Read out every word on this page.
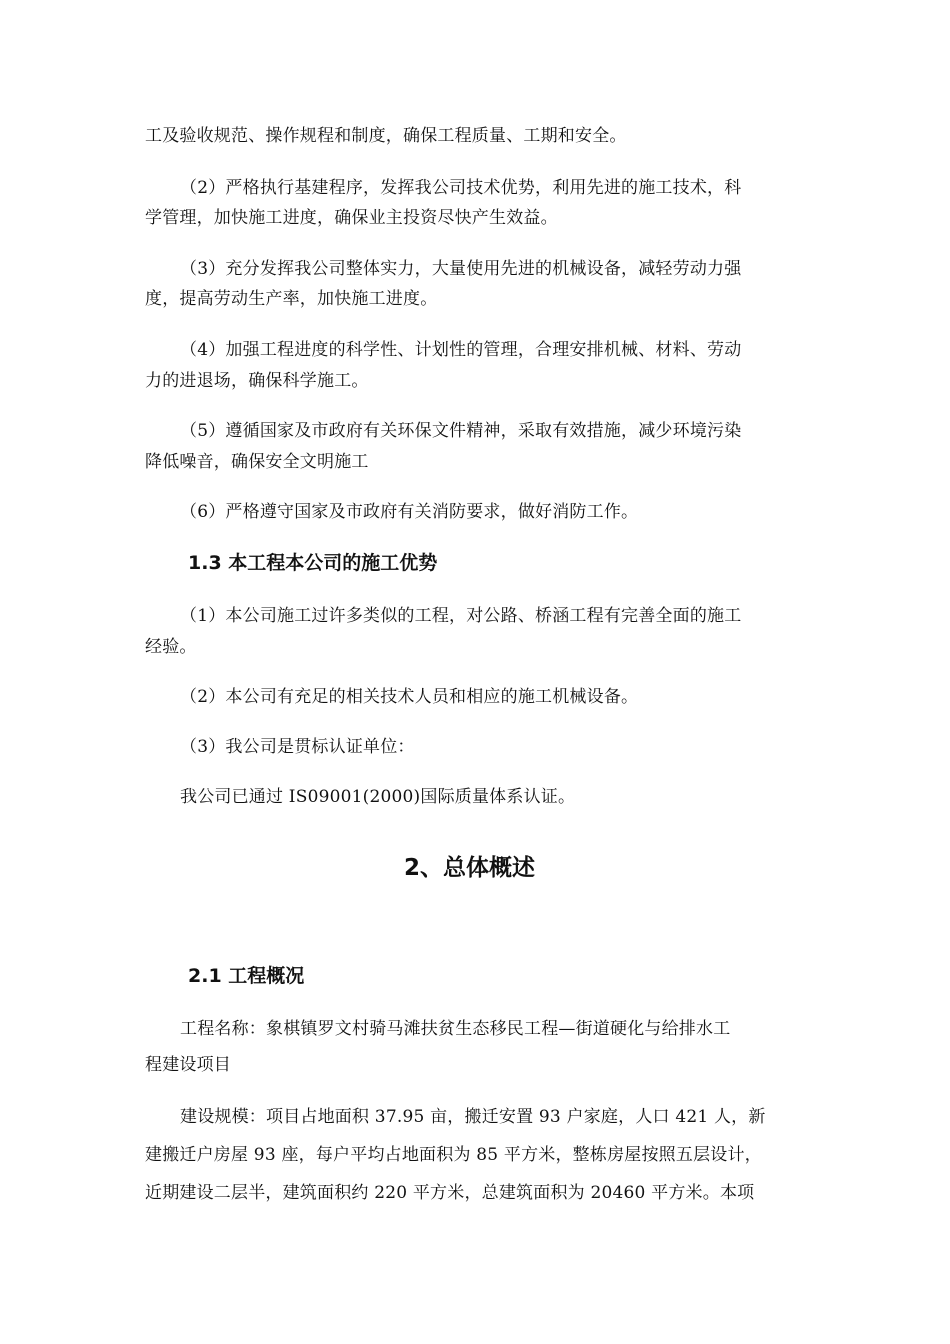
工及验收规范、操作规程和制度，确保工程质量、工期和安全。
（2）严格执行基建程序，发挥我公司技术优势，利用先进的施工技术，科
学管理，加快施工进度，确保业主投资尽快产生效益。
（3）充分发挥我公司整体实力，大量使用先进的机械设备，减轻劳动力强
度，提高劳动生产率，加快施工进度。
（4）加强工程进度的科学性、计划性的管理，合理安排机械、材料、劳动
力的进退场，确保科学施工。
（5）遵循国家及市政府有关环保文件精神，采取有效措施，减少环境污染
降低噪音，确保安全文明施工
（6）严格遵守国家及市政府有关消防要求，做好消防工作。
1.3 本工程本公司的施工优势
（1）本公司施工过许多类似的工程，对公路、桥涵工程有完善全面的施工
经验。
（2）本公司有充足的相关技术人员和相应的施工机械设备。
（3）我公司是贯标认证单位：
我公司已通过 IS09001(2000)国际质量体系认证。
2、总体概述
2.1 工程概况
工程名称：象棋镇罗文村骑马滩扶贫生态移民工程—街道硬化与给排水工
程建设项目
建设规模：项目占地面积 37.95 亩，搬迁安置 93 户家庭，人口 421 人，新
建搬迁户房屋 93 座，每户平均占地面积为 85 平方米，整栋房屋按照五层设计，
近期建设二层半，建筑面积约 220 平方米，总建筑面积为 20460 平方米。本项
